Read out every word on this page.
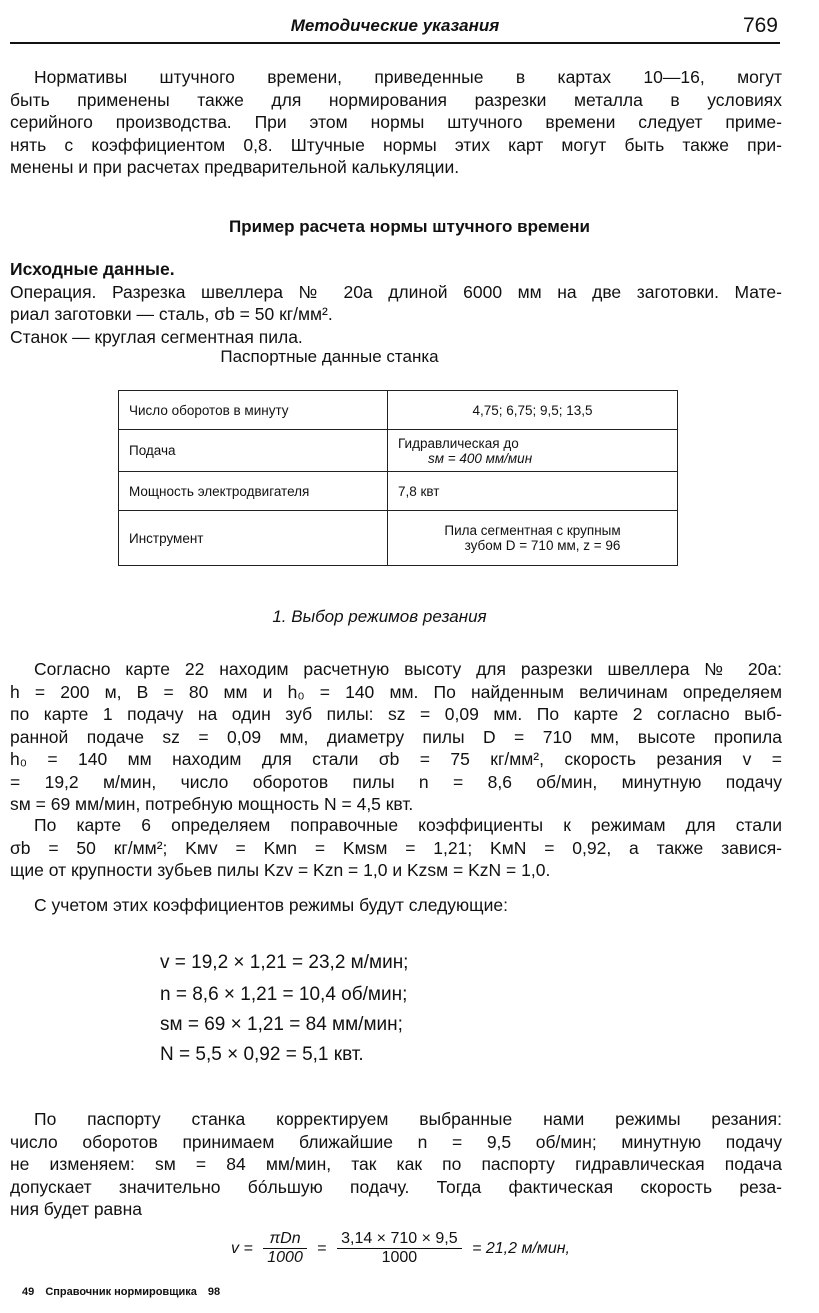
Методические указания	769
Нормативы штучного времени, приведенные в картах 10—16, могут
быть применены также для нормирования разрезки металла в условиях
серийного производства. При этом нормы штучного времени следует приме-
нять с коэффициентом 0,8. Штучные нормы этих карт могут быть также при-
менены и при расчетах предварительной калькуляции.
Пример расчета нормы штучного времени
Исходные данные.
Операция. Разрезка швеллера № 20а длиной 6000 мм на две заготовки. Мате-
риал заготовки — сталь, σb = 50 кг/мм².
Станок — круглая сегментная пила.
Паспортные данные станка
Число оборотов в минуту	4,75; 6,75; 9,5; 13,5
Подача	Гидравлическая до
sм = 400 мм/мин

Мощность электродвигателя	7,8 квт
Инструмент	Пила сегментная с крупным
зубом D = 710 мм, z = 96
1. Выбор режимов резания
Согласно карте 22 находим расчетную высоту для разрезки швеллера № 20а:
h = 200 м, B = 80 мм и h₀ = 140 мм. По найденным величинам определяем
по карте 1 подачу на один зуб пилы: sz = 0,09 мм. По карте 2 согласно выб-
ранной подаче sz = 0,09 мм, диаметру пилы D = 710 мм, высоте пропила
h₀ = 140 мм находим для стали σb = 75 кг/мм², скорость резания v =
= 19,2 м/мин, число оборотов пилы n = 8,6 об/мин, минутную подачу
sм = 69 мм/мин, потребную мощность N = 4,5 квт.
По карте 6 определяем поправочные коэффициенты к режимам для стали
σb = 50 кг/мм²; Kмv = Kмn = Kмsм = 1,21; KмN = 0,92, а также завися-
щие от крупности зубьев пилы Kzv = Kzn = 1,0 и Kzsм = KzN = 1,0.
С учетом этих коэффициентов режимы будут следующие:
v = 19,2 × 1,21 = 23,2 м/мин;
n = 8,6 × 1,21 = 10,4 об/мин;
sм = 69 × 1,21 = 84 мм/мин;
N = 5,5 × 0,92 = 5,1 квт.
По паспорту станка корректируем выбранные нами режимы резания:
число оборотов принимаем ближайшие n = 9,5 об/мин; минутную подачу
не изменяем: sм = 84 мм/мин, так как по паспорту гидравлическая подача
допускает значительно бóльшую подачу. Тогда фактическая скорость реза-
ния будет равна
$v = \frac{\text{πDn}}{1000} = \frac{3,14 \times 710 \times 9,5}{1000} = 21,2$ м/мин,
49 Справочник нормировщика 98
